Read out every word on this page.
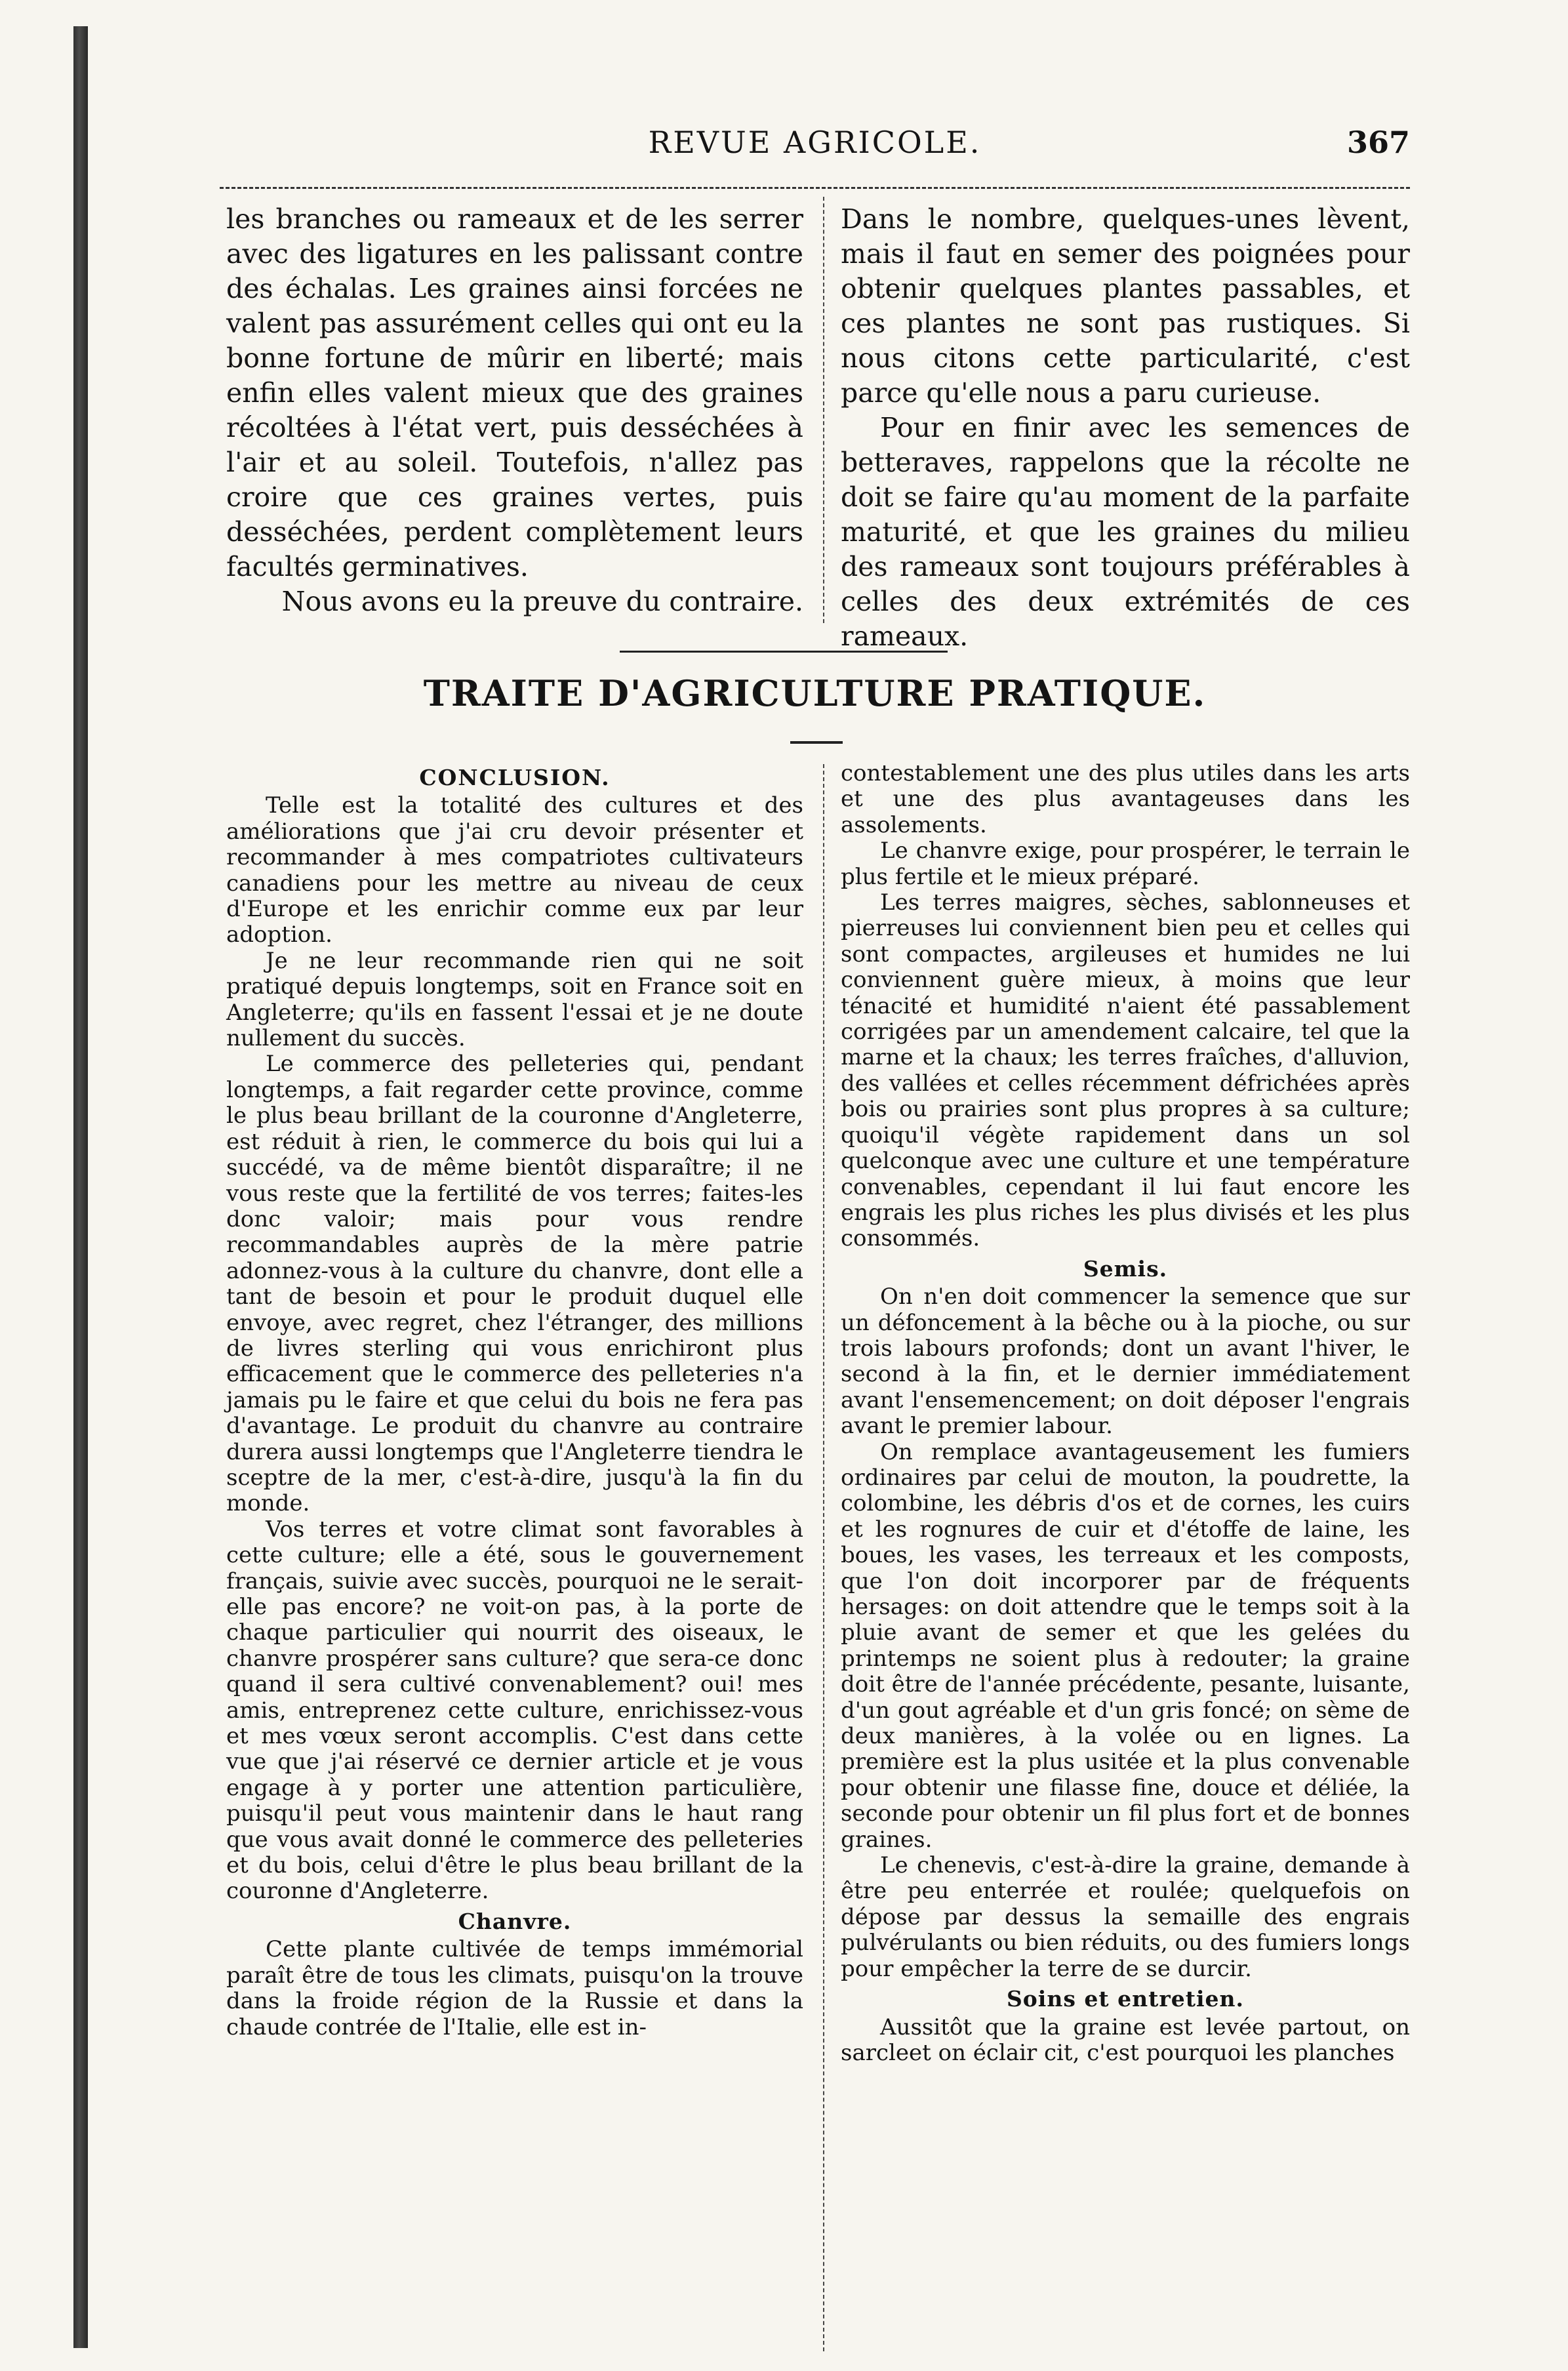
REVUE AGRICOLE.	367

les branches ou rameaux et de les serrer avec des ligatures en les palissant contre des échalas. Les graines ainsi forcées ne valent pas assurément celles qui ont eu la bonne fortune de mûrir en liberté; mais enfin elles valent mieux que des graines récoltées à l'état vert, puis desséchées à l'air et au soleil. Toutefois, n'allez pas croire que ces graines vertes, puis desséchées, perdent complètement leurs facultés germinatives.

Nous avons eu la preuve du contraire.

Dans le nombre, quelques-unes lèvent, mais il faut en semer des poignées pour obtenir quelques plantes passables, et ces plantes ne sont pas rustiques. Si nous citons cette particularité, c'est parce qu'elle nous a paru curieuse.

Pour en finir avec les semences de betteraves, rappelons que la récolte ne doit se faire qu'au moment de la parfaite maturité, et que les graines du milieu des rameaux sont toujours préférables à celles des deux extrémités de ces rameaux.

TRAITE D'AGRICULTURE PRATIQUE.
CONCLUSION.

Telle est la totalité des cultures et des améliorations que j'ai cru devoir présenter et recommander à mes compatriotes cultivateurs canadiens pour les mettre au niveau de ceux d'Europe et les enrichir comme eux par leur adoption.

Je ne leur recommande rien qui ne soit pratiqué depuis longtemps, soit en France soit en Angleterre; qu'ils en fassent l'essai et je ne doute nullement du succès.

Le commerce des pelleteries qui, pendant longtemps, a fait regarder cette province, comme le plus beau brillant de la couronne d'Angleterre, est réduit à rien, le commerce du bois qui lui a succédé, va de même bientôt disparaître; il ne vous reste que la fertilité de vos terres; faites-les donc valoir; mais pour vous rendre recommandables auprès de la mère patrie adonnez-vous à la culture du chanvre, dont elle a tant de besoin et pour le produit duquel elle envoye, avec regret, chez l'étranger, des millions de livres sterling qui vous enrichiront plus efficacement que le commerce des pelleteries n'a jamais pu le faire et que celui du bois ne fera pas d'avantage. Le produit du chanvre au contraire durera aussi longtemps que l'Angleterre tiendra le sceptre de la mer, c'est-à-dire, jusqu'à la fin du monde.

Vos terres et votre climat sont favorables à cette culture; elle a été, sous le gouvernement français, suivie avec succès, pourquoi ne le serait-elle pas encore? ne voit-on pas, à la porte de chaque particulier qui nourrit des oiseaux, le chanvre prospérer sans culture? que sera-ce donc quand il sera cultivé convenablement? oui! mes amis, entreprenez cette culture, enrichissez-vous et mes vœux seront accomplis. C'est dans cette vue que j'ai réservé ce dernier article et je vous engage à y porter une attention particulière, puisqu'il peut vous maintenir dans le haut rang que vous avait donné le commerce des pelleteries et du bois, celui d'être le plus beau brillant de la couronne d'Angleterre.

Chanvre.

Cette plante cultivée de temps immémorial paraît être de tous les climats, puisqu'on la trouve dans la froide région de la Russie et dans la chaude contrée de l'Italie, elle est in-

contestablement une des plus utiles dans les arts et une des plus avantageuses dans les assolements.

Le chanvre exige, pour prospérer, le terrain le plus fertile et le mieux préparé.

Les terres maigres, sèches, sablonneuses et pierreuses lui conviennent bien peu et celles qui sont compactes, argileuses et humides ne lui conviennent guère mieux, à moins que leur ténacité et humidité n'aient été passablement corrigées par un amendement calcaire, tel que la marne et la chaux; les terres fraîches, d'alluvion, des vallées et celles récemment défrichées après bois ou prairies sont plus propres à sa culture; quoiqu'il végète rapidement dans un sol quelconque avec une culture et une température convenables, cependant il lui faut encore les engrais les plus riches les plus divisés et les plus consommés.

Semis.

On n'en doit commencer la semence que sur un défoncement à la bêche ou à la pioche, ou sur trois labours profonds; dont un avant l'hiver, le second à la fin, et le dernier immédiatement avant l'ensemencement; on doit déposer l'engrais avant le premier labour.

On remplace avantageusement les fumiers ordinaires par celui de mouton, la poudrette, la colombine, les débris d'os et de cornes, les cuirs et les rognures de cuir et d'étoffe de laine, les boues, les vases, les terreaux et les composts, que l'on doit incorporer par de fréquents hersages: on doit attendre que le temps soit à la pluie avant de semer et que les gelées du printemps ne soient plus à redouter; la graine doit être de l'année précédente, pesante, luisante, d'un gout agréable et d'un gris foncé; on sème de deux manières, à la volée ou en lignes. La première est la plus usitée et la plus convenable pour obtenir une filasse fine, douce et déliée, la seconde pour obtenir un fil plus fort et de bonnes graines.

Le chenevis, c'est-à-dire la graine, demande à être peu enterrée et roulée; quelquefois on dépose par dessus la semaille des engrais pulvérulants ou bien réduits, ou des fumiers longs pour empêcher la terre de se durcir.

Soins et entretien.

Aussitôt que la graine est levée partout, on sarcleet on éclair cit, c'est pourquoi les planches
